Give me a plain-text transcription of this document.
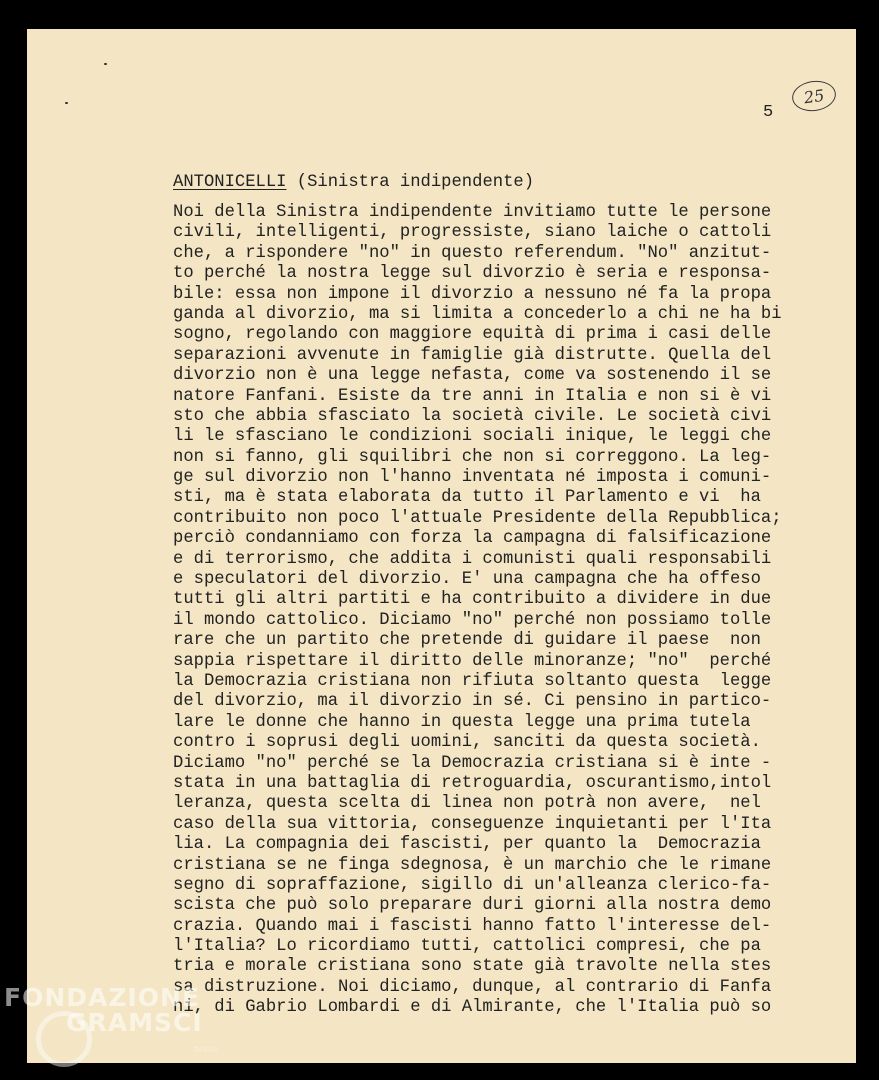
25
5
ANTONICELLI (Sinistra indipendente)
Noi della Sinistra indipendente invitiamo tutte le persone
civili, intelligenti, progressiste, siano laiche o cattoli
che, a rispondere "no" in questo referendum. "No" anzitut-
to perché la nostra legge sul divorzio è seria e responsa-
bile: essa non impone il divorzio a nessuno né fa la propa
ganda al divorzio, ma si limita a concederlo a chi ne ha bi
sogno, regolando con maggiore equità di prima i casi delle
separazioni avvenute in famiglie già distrutte. Quella del
divorzio non è una legge nefasta, come va sostenendo il se
natore Fanfani. Esiste da tre anni in Italia e non si è vi
sto che abbia sfasciato la società civile. Le società civi
li le sfasciano le condizioni sociali inique, le leggi che
non si fanno, gli squilibri che non si correggono. La leg-
ge sul divorzio non l'hanno inventata né imposta i comuni-
sti, ma è stata elaborata da tutto il Parlamento e vi  ha
contribuito non poco l'attuale Presidente della Repubblica;
perciò condanniamo con forza la campagna di falsificazione
e di terrorismo, che addita i comunisti quali responsabili
e speculatori del divorzio. E' una campagna che ha offeso
tutti gli altri partiti e ha contribuito a dividere in due
il mondo cattolico. Diciamo "no" perché non possiamo tolle
rare che un partito che pretende di guidare il paese  non
sappia rispettare il diritto delle minoranze; "no"  perché
la Democrazia cristiana non rifiuta soltanto questa  legge
del divorzio, ma il divorzio in sé. Ci pensino in partico-
lare le donne che hanno in questa legge una prima tutela
contro i soprusi degli uomini, sanciti da questa società.
Diciamo "no" perché se la Democrazia cristiana si è inte -
stata in una battaglia di retroguardia, oscurantismo,intol
leranza, questa scelta di linea non potrà non avere,  nel
caso della sua vittoria, conseguenze inquietanti per l'Ita
lia. La compagnia dei fascisti, per quanto la  Democrazia
cristiana se ne finga sdegnosa, è un marchio che le rimane
segno di sopraffazione, sigillo di un'alleanza clerico-fa-
scista che può solo preparare duri giorni alla nostra demo
crazia. Quando mai i fascisti hanno fatto l'interesse del-
l'Italia? Lo ricordiamo tutti, cattolici compresi, che pa
tria e morale cristiana sono state già travolte nella stes
sa distruzione. Noi diciamo, dunque, al contrario di Fanfa
ni, di Gabrio Lombardi e di Almirante, che l'Italia può so
FONDAZIONE
GRAMSCI
onlus
